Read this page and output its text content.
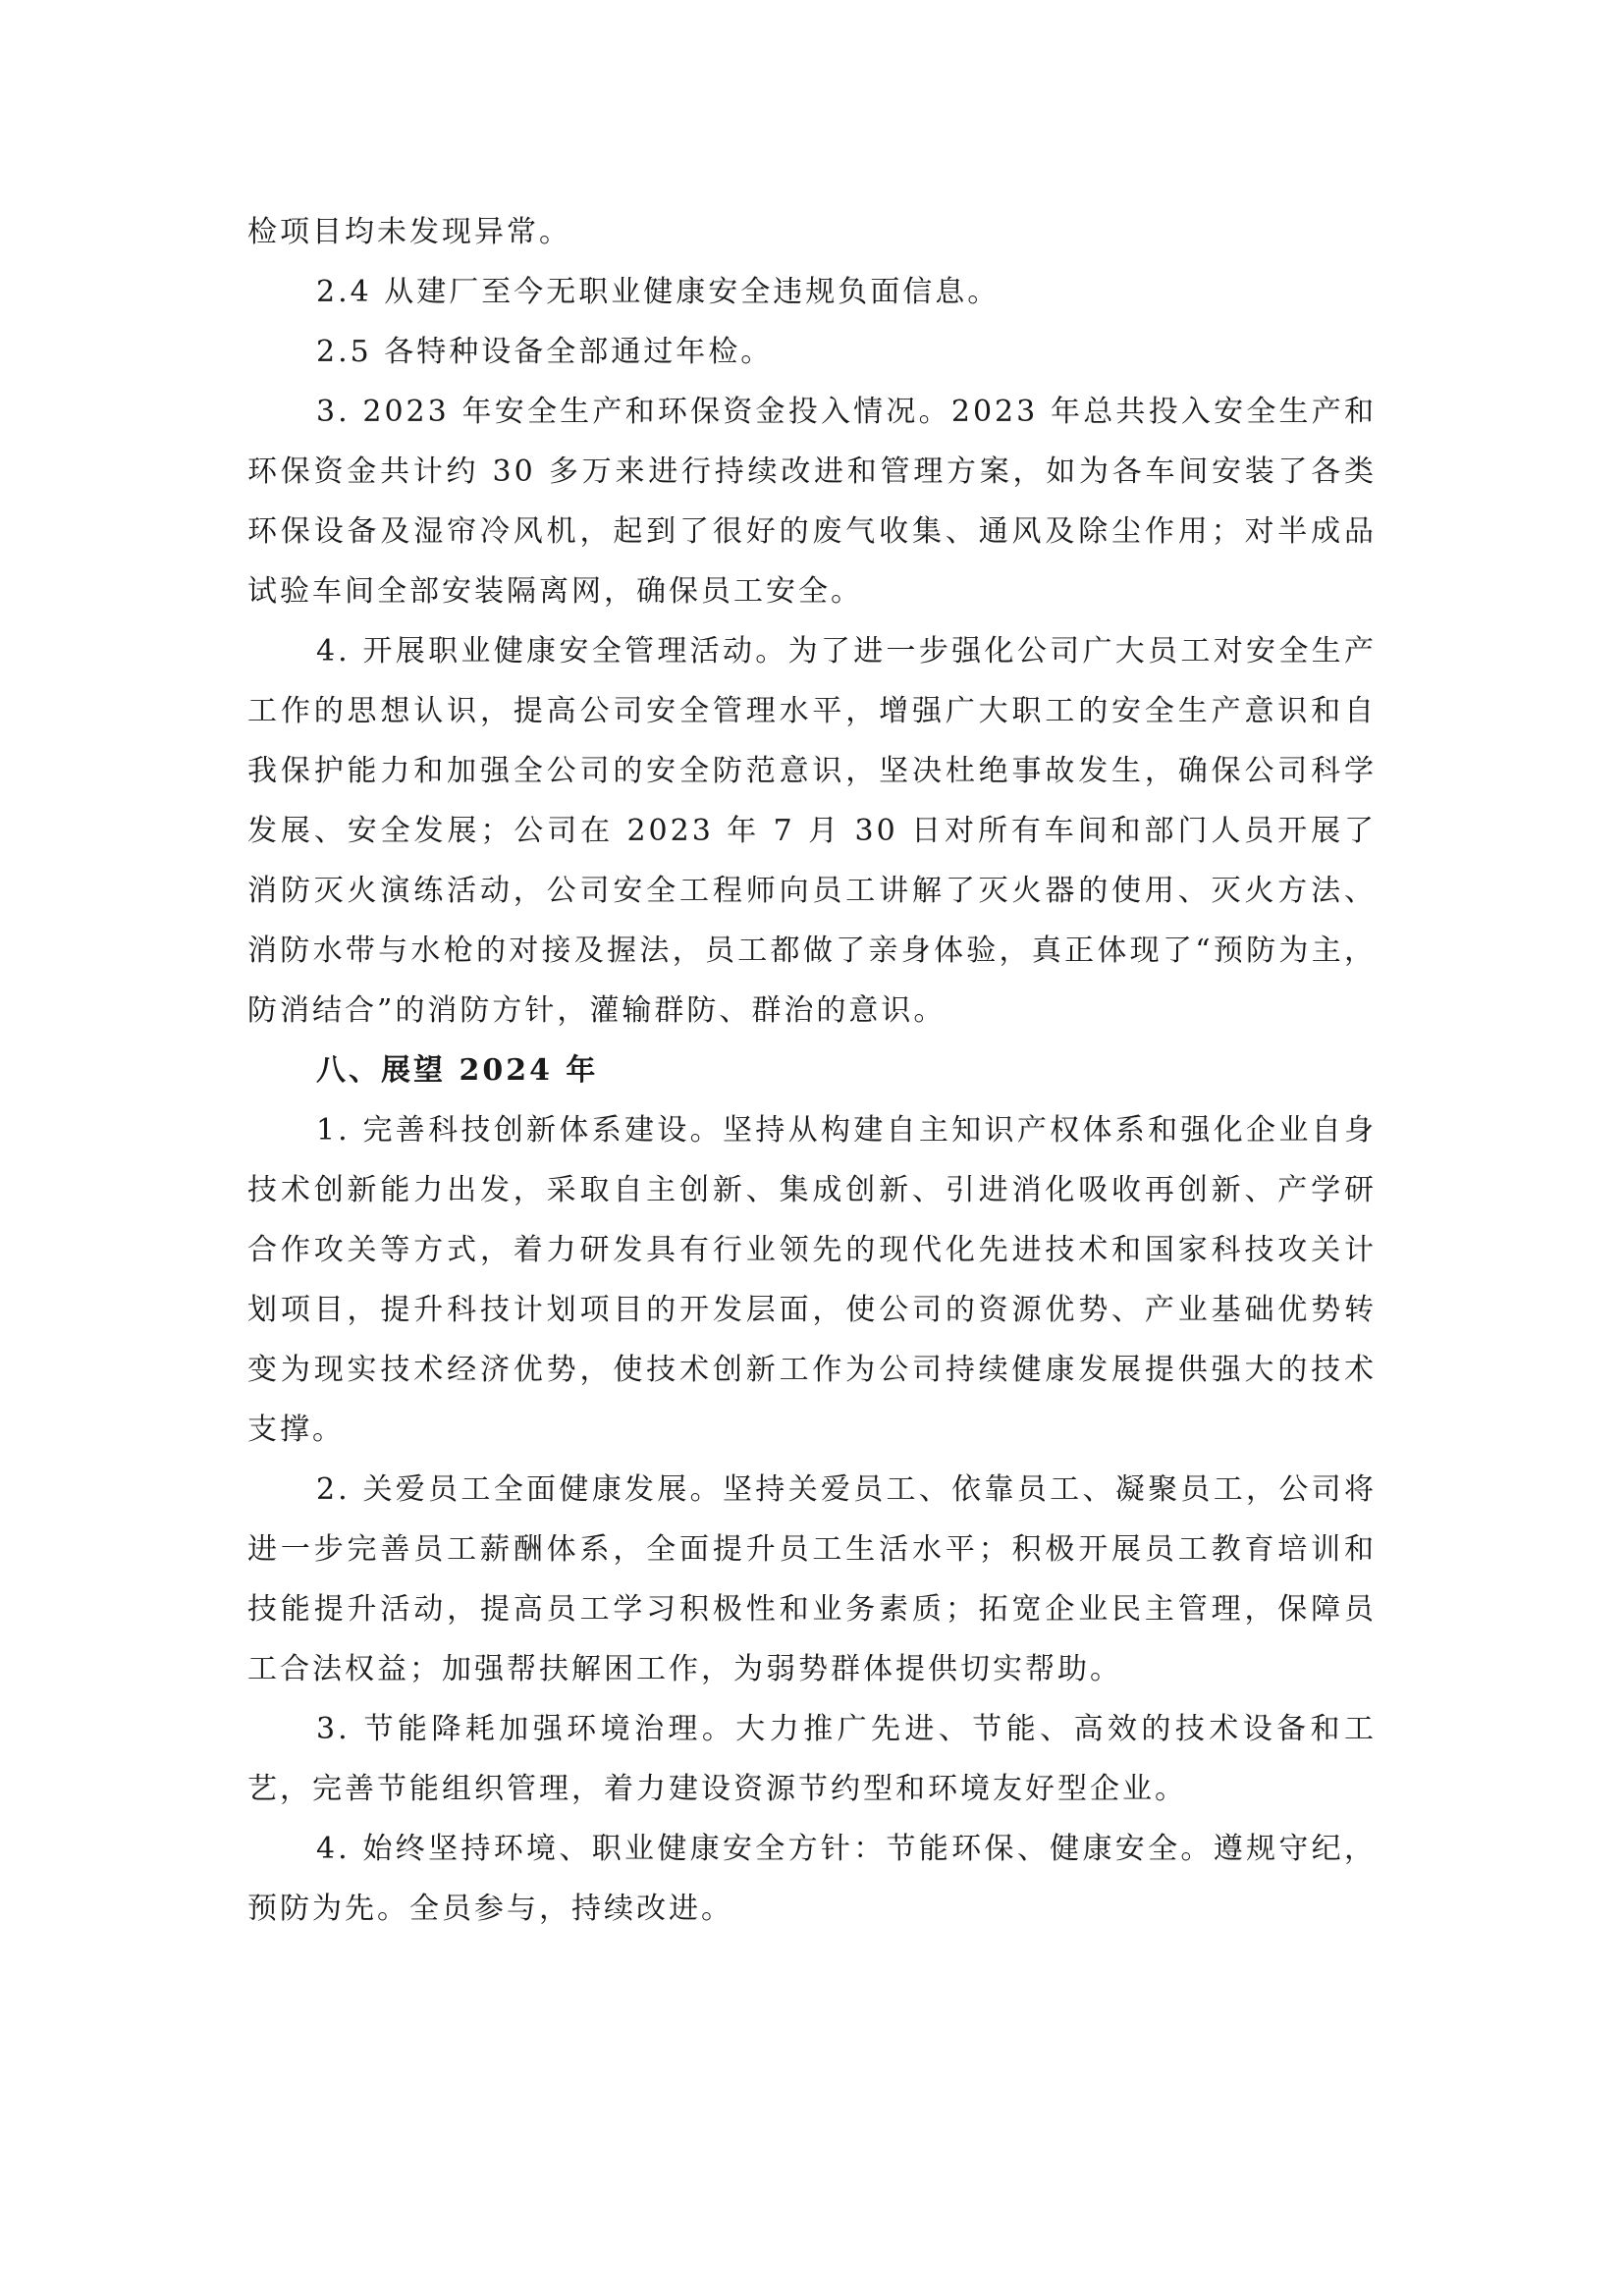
检项目均未发现异常。

2.4 从建厂至今无职业健康安全违规负面信息。

2.5 各特种设备全部通过年检。

3. 2023 年安全生产和环保资金投入情况。2023 年总共投入安全生产和环保资金共计约 30 多万来进行持续改进和管理方案，如为各车间安装了各类环保设备及湿帘冷风机，起到了很好的废气收集、通风及除尘作用；对半成品试验车间全部安装隔离网，确保员工安全。

4. 开展职业健康安全管理活动。为了进一步强化公司广大员工对安全生产工作的思想认识，提高公司安全管理水平，增强广大职工的安全生产意识和自我保护能力和加强全公司的安全防范意识，坚决杜绝事故发生，确保公司科学发展、安全发展；公司在 2023 年 7 月 30 日对所有车间和部门人员开展了消防灭火演练活动，公司安全工程师向员工讲解了灭火器的使用、灭火方法、消防水带与水枪的对接及握法，员工都做了亲身体验，真正体现了“预防为主，防消结合”的消防方针，灌输群防、群治的意识。

八、展望 2024 年

1. 完善科技创新体系建设。坚持从构建自主知识产权体系和强化企业自身技术创新能力出发，采取自主创新、集成创新、引进消化吸收再创新、产学研合作攻关等方式，着力研发具有行业领先的现代化先进技术和国家科技攻关计划项目，提升科技计划项目的开发层面，使公司的资源优势、产业基础优势转变为现实技术经济优势，使技术创新工作为公司持续健康发展提供强大的技术支撑。

2. 关爱员工全面健康发展。坚持关爱员工、依靠员工、凝聚员工，公司将进一步完善员工薪酬体系，全面提升员工生活水平；积极开展员工教育培训和技能提升活动，提高员工学习积极性和业务素质；拓宽企业民主管理，保障员工合法权益；加强帮扶解困工作，为弱势群体提供切实帮助。

3. 节能降耗加强环境治理。大力推广先进、节能、高效的技术设备和工艺，完善节能组织管理，着力建设资源节约型和环境友好型企业。

4. 始终坚持环境、职业健康安全方针：节能环保、健康安全。遵规守纪，预防为先。全员参与，持续改进。
